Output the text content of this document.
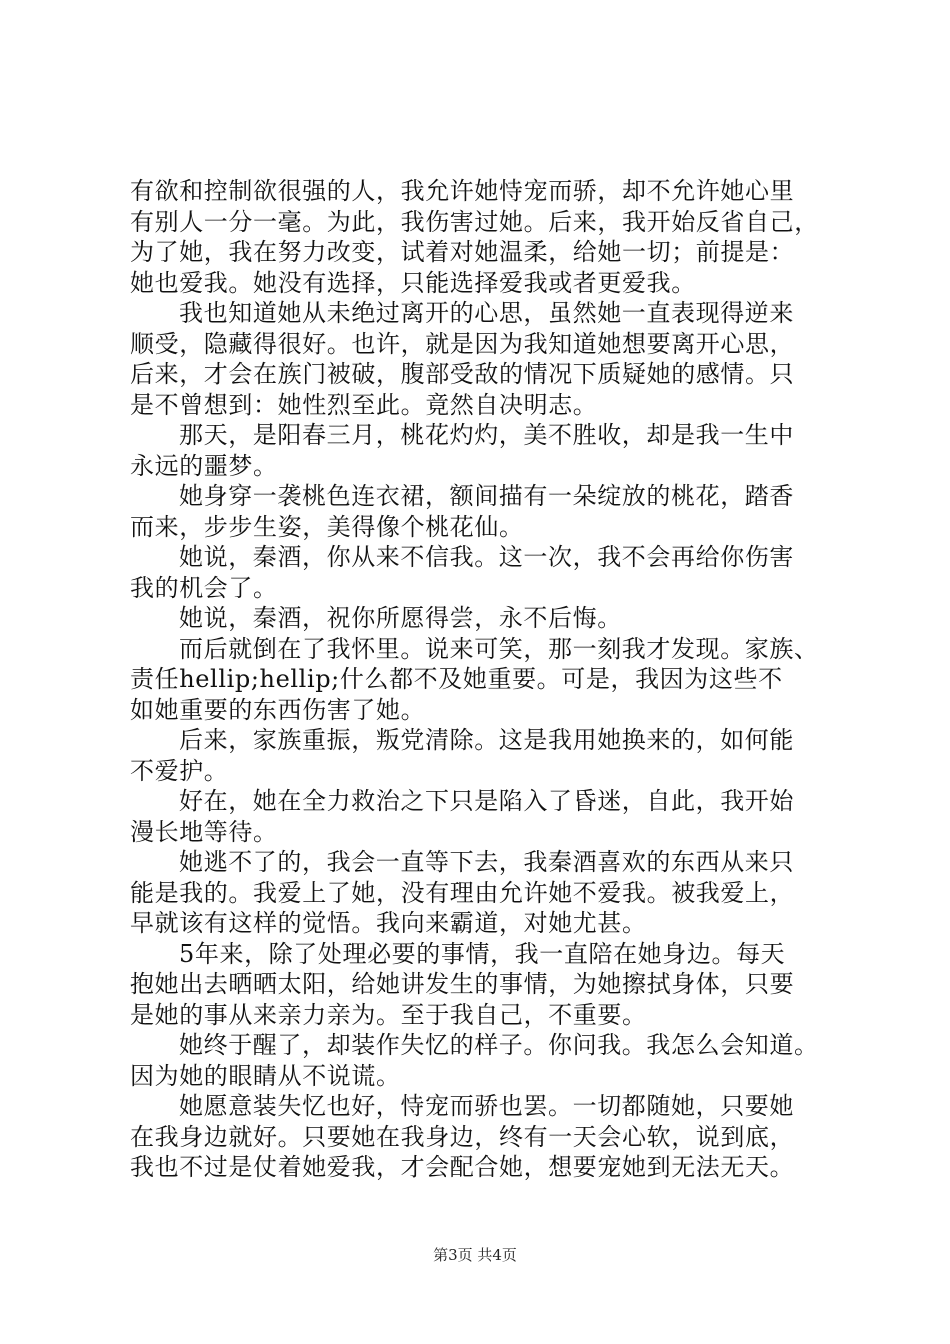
有欲和控制欲很强的人，我允许她恃宠而骄，却不允许她心里
有别人一分一毫。为此，我伤害过她。后来，我开始反省自己，
为了她，我在努力改变，试着对她温柔，给她一切；前提是：
她也爱我。她没有选择，只能选择爱我或者更爱我。
我也知道她从未绝过离开的心思，虽然她一直表现得逆来
顺受，隐藏得很好。也许，就是因为我知道她想要离开心思，
后来，才会在族门被破，腹部受敌的情况下质疑她的感情。只
是不曾想到：她性烈至此。竟然自决明志。
那天，是阳春三月，桃花灼灼，美不胜收，却是我一生中
永远的噩梦。
她身穿一袭桃色连衣裙，额间描有一朵绽放的桃花，踏香
而来，步步生姿，美得像个桃花仙。
她说，秦酒，你从来不信我。这一次，我不会再给你伤害
我的机会了。
她说，秦酒，祝你所愿得尝，永不后悔。
而后就倒在了我怀里。说来可笑，那一刻我才发现。家族、
责任hellip;hellip;什么都不及她重要。可是，我因为这些不
如她重要的东西伤害了她。
后来，家族重振，叛党清除。这是我用她换来的，如何能
不爱护。
好在，她在全力救治之下只是陷入了昏迷，自此，我开始
漫长地等待。
她逃不了的，我会一直等下去，我秦酒喜欢的东西从来只
能是我的。我爱上了她，没有理由允许她不爱我。被我爱上，
早就该有这样的觉悟。我向来霸道，对她尤甚。
5年来，除了处理必要的事情，我一直陪在她身边。每天
抱她出去晒晒太阳，给她讲发生的事情，为她擦拭身体，只要
是她的事从来亲力亲为。至于我自己，不重要。
她终于醒了，却装作失忆的样子。你问我。我怎么会知道。
因为她的眼睛从不说谎。
她愿意装失忆也好，恃宠而骄也罢。一切都随她，只要她
在我身边就好。只要她在我身边，终有一天会心软，说到底，
我也不过是仗着她爱我，才会配合她，想要宠她到无法无天。
第3页 共4页
